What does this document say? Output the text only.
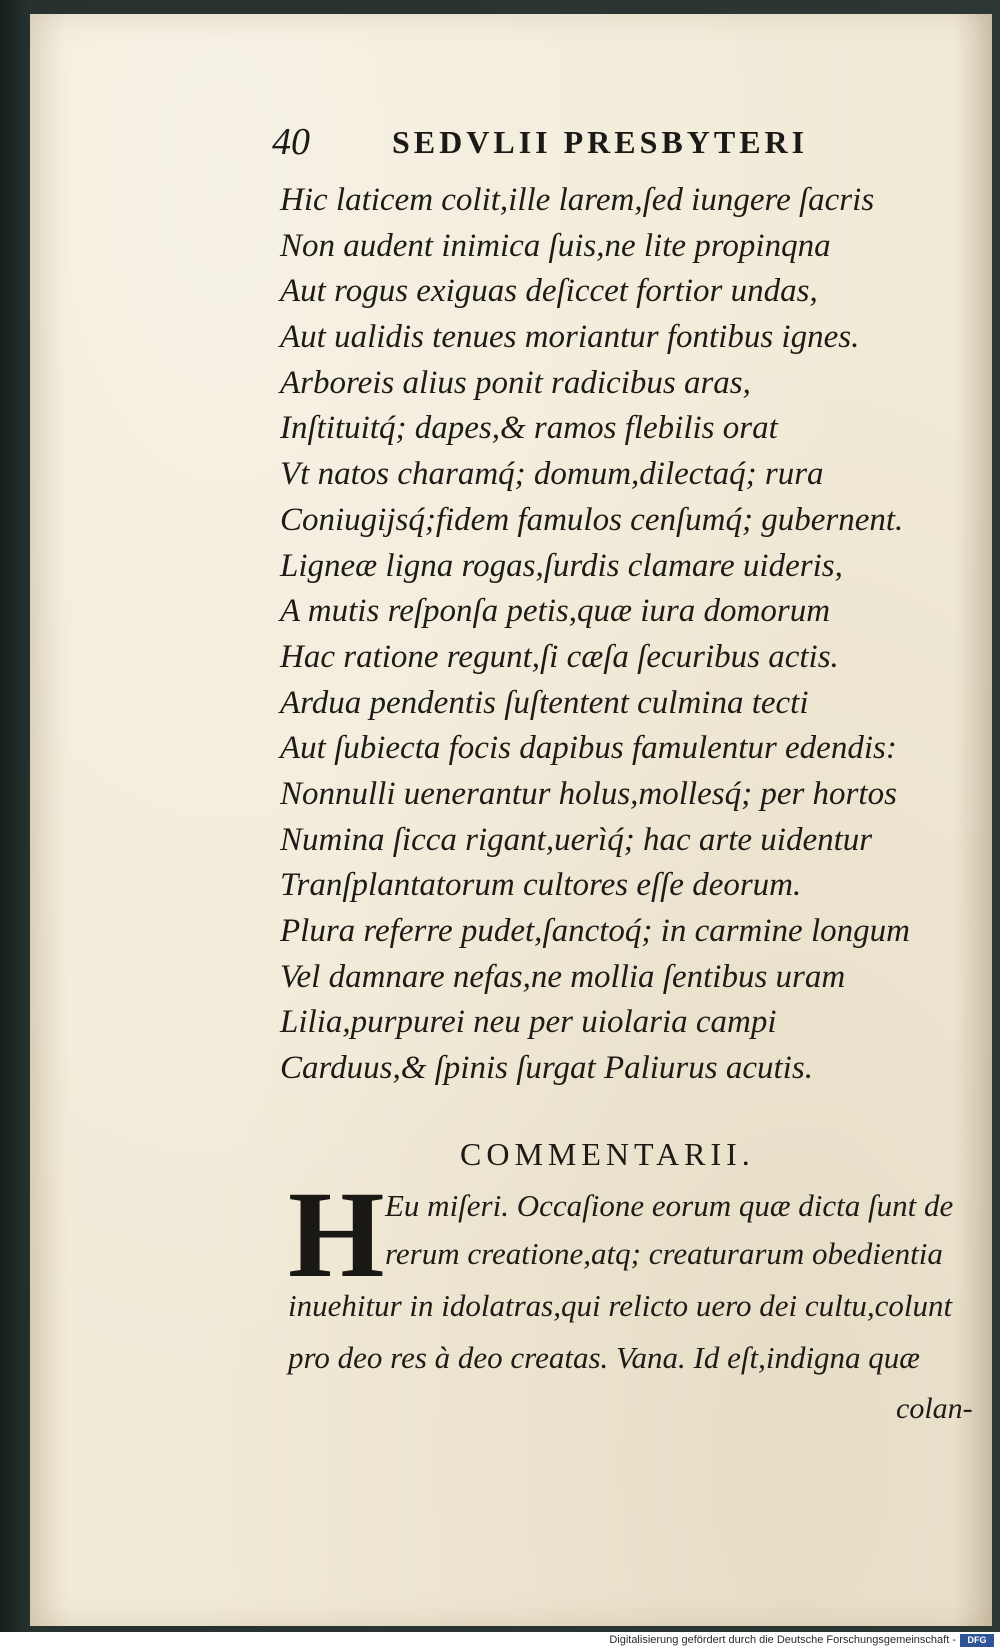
40	SEDVLII PRESBYTERI
Hic laticem colit,ille larem,ſed iungere ſacris
Non audent inimica ſuis,ne lite propinqna
Aut rogus exiguas deſiccet fortior undas,
Aut ualidis tenues moriantur fontibus ignes.
Arboreis alius ponit radicibus aras,
Inſtituitq́; dapes,& ramos flebilis orat
Vt natos charamq́; domum,dilectaq́; rura
Coniugijsq́;fidem famulos cenſumq́; gubernent.
Ligneæ ligna rogas,ſurdis clamare uideris,
A mutis reſponſa petis,quæ iura domorum
Hac ratione regunt,ſi cæſa ſecuribus actis.
Ardua pendentis ſuſtentent culmina tecti
Aut ſubiecta focis dapibus famulentur edendis:
Nonnulli uenerantur holus,mollesq́; per hortos
Numina ſicca rigant,uerìq́; hac arte uidentur
Tranſplantatorum cultores eſſe deorum.
Plura referre pudet,ſanctoq́; in carmine longum
Vel damnare nefas,ne mollia ſentibus uram
Lilia,purpurei neu per uiolaria campi
Carduus,& ſpinis ſurgat Paliurus acutis.
COMMENTARII.
H Eu miſeri. Occaſione eorum quæ dicta ſunt de
rerum creatione,atq; creaturarum obedientia
inuehitur in idolatras,qui relicto uero dei cultu,colunt
pro deo res à deo creatas. Vana. Id eſt,indigna quæ
colan-
Digitalisierung gefördert durch die Deutsche Forschungsgemeinschaft -	DFG
